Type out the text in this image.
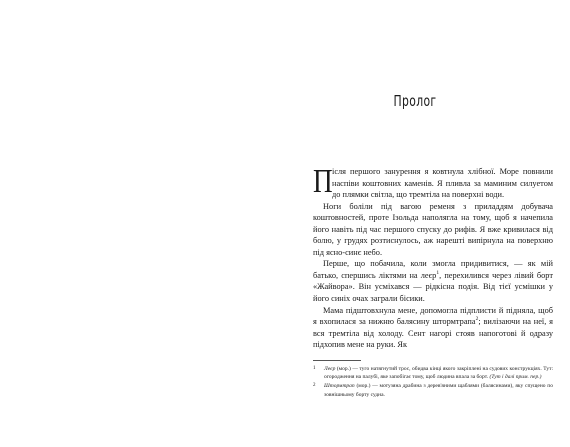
Пролог

Після першого занурення я ковтнула хлібної. Море повнили наспіви коштовних каменів. Я пливла за маминим силуетом до плямки світла, що тремтіла на поверхні води.

Ноги боліли під вагою ременя з приладдям добувача коштовностей, проте Ізольда наполягла на тому, щоб я начепила його навіть під час першого спуску до рифів. Я вже кривилася від болю, у грудях розтиснулось, аж нарешті випірнула на поверхню під ясно-синє небо.

Перше, що побачила, коли змогла придивитися, — як мій батько, спершись ліктями на леєр$^1$, перехилився через лівий борт «Жайвора». Він усміхався — рідкісна подія. Від тієї усмішки у його синіх очах заграли бісики.

Мама підштовхнула мене, допомогла підплисти й підняла, щоб я вхопилася за нижню балясину штормтрапа$^2$; вилізаючи на неї, я вся тремтіла від холоду. Сент нагорі стояв напоготові й одразу підхопив мене на руки. Як

1 Леєр (мор.) — туго натягнутий трос, обидва кінці якого закріплені на судових конструкціях. Тут: огородження на палубі, яке запобігає тому, щоб людина впала за борт. (Тут і далі прим. пер.)

2 Штормтрап (мор.) — мотузяна драбина з дерев'яними щаблями (балясинами), яку спущено по зовнішньому борту судна.
